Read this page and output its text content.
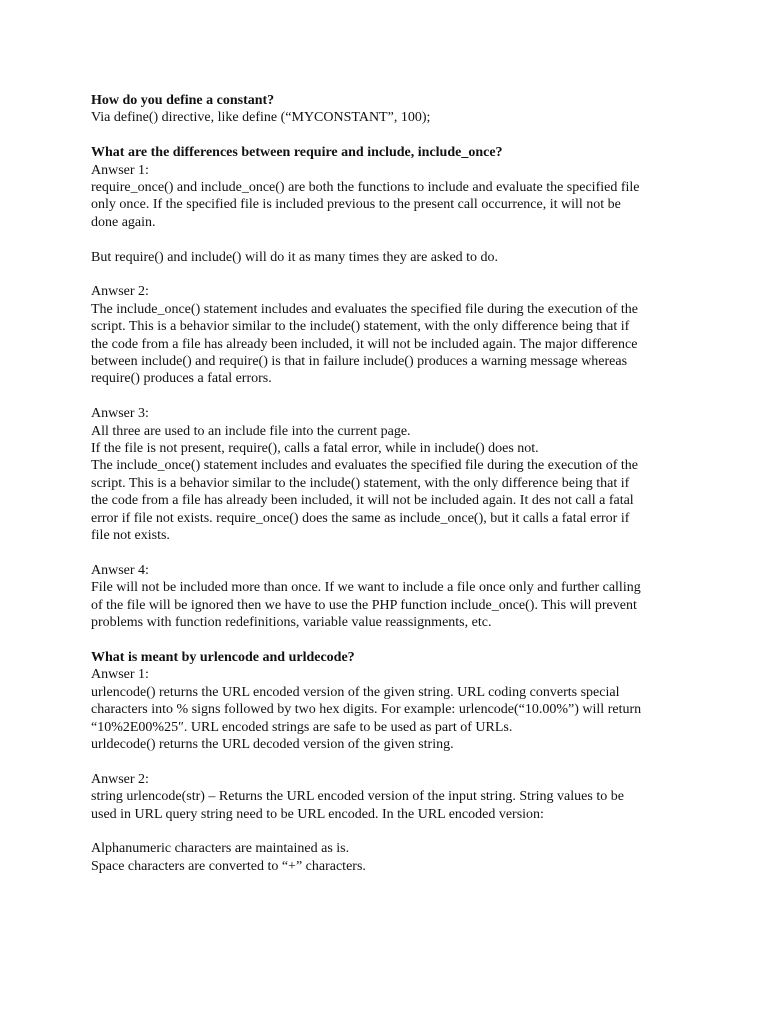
How do you define a constant?
Via define() directive, like define (“MYCONSTANT”, 100);
What are the differences between require and include, include_once?
Anwser 1:
require_once() and include_once() are both the functions to include and evaluate the specified file
only once. If the specified file is included previous to the present call occurrence, it will not be
done again.
But require() and include() will do it as many times they are asked to do.
Anwser 2:
The include_once() statement includes and evaluates the specified file during the execution of the
script. This is a behavior similar to the include() statement, with the only difference being that if
the code from a file has already been included, it will not be included again. The major difference
between include() and require() is that in failure include() produces a warning message whereas
require() produces a fatal errors.
Anwser 3:
All three are used to an include file into the current page.
If the file is not present, require(), calls a fatal error, while in include() does not.
The include_once() statement includes and evaluates the specified file during the execution of the
script. This is a behavior similar to the include() statement, with the only difference being that if
the code from a file has already been included, it will not be included again. It des not call a fatal
error if file not exists. require_once() does the same as include_once(), but it calls a fatal error if
file not exists.
Anwser 4:
File will not be included more than once. If we want to include a file once only and further calling
of the file will be ignored then we have to use the PHP function include_once(). This will prevent
problems with function redefinitions, variable value reassignments, etc.
What is meant by urlencode and urldecode?
Anwser 1:
urlencode() returns the URL encoded version of the given string. URL coding converts special
characters into % signs followed by two hex digits. For example: urlencode(“10.00%”) will return
“10%2E00%25″. URL encoded strings are safe to be used as part of URLs.
urldecode() returns the URL decoded version of the given string.
Anwser 2:
string urlencode(str) – Returns the URL encoded version of the input string. String values to be
used in URL query string need to be URL encoded. In the URL encoded version:
Alphanumeric characters are maintained as is.
Space characters are converted to “+” characters.
